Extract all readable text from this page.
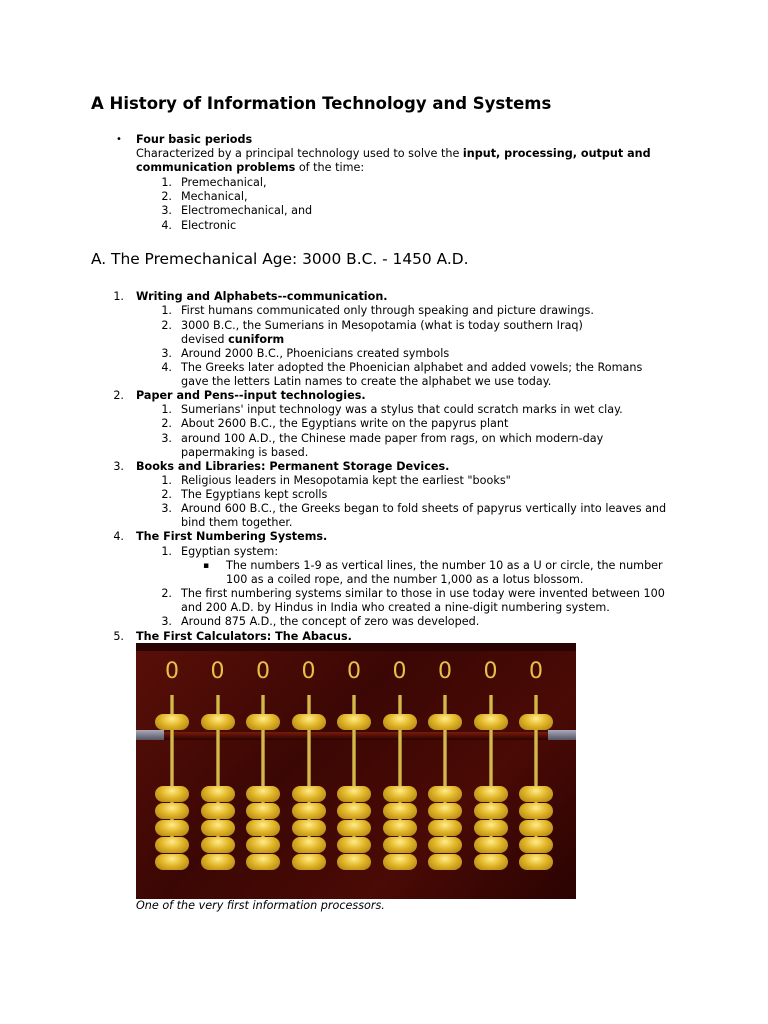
A History of Information Technology and Systems
• Four basic periods
Characterized by a principal technology used to solve the input, processing, output and
communication problems of the time:
1. Premechanical,
2. Mechanical,
3. Electromechanical, and
4. Electronic
A. The Premechanical Age: 3000 B.C. - 1450 A.D.
1. Writing and Alphabets--communication.
1. First humans communicated only through speaking and picture drawings.
2. 3000 B.C., the Sumerians in Mesopotamia (what is today southern Iraq)
devised cuniform
3. Around 2000 B.C., Phoenicians created symbols
4. The Greeks later adopted the Phoenician alphabet and added vowels; the Romans
gave the letters Latin names to create the alphabet we use today.
2. Paper and Pens--input technologies.
1. Sumerians' input technology was a stylus that could scratch marks in wet clay.
2. About 2600 B.C., the Egyptians write on the papyrus plant
3. around 100 A.D., the Chinese made paper from rags, on which modern-day
papermaking is based.
3. Books and Libraries: Permanent Storage Devices.
1. Religious leaders in Mesopotamia kept the earliest "books"
2. The Egyptians kept scrolls
3. Around 600 B.C., the Greeks began to fold sheets of papyrus vertically into leaves and
bind them together.
4. The First Numbering Systems.
1. Egyptian system:
▪ The numbers 1-9 as vertical lines, the number 10 as a U or circle, the number
100 as a coiled rope, and the number 1,000 as a lotus blossom.
2. The first numbering systems similar to those in use today were invented between 100
and 200 A.D. by Hindus in India who created a nine-digit numbering system.
3. Around 875 A.D., the concept of zero was developed.
5. The First Calculators: The Abacus.
0 0 0 0 0 0 0 0 0
One of the very first information processors.
